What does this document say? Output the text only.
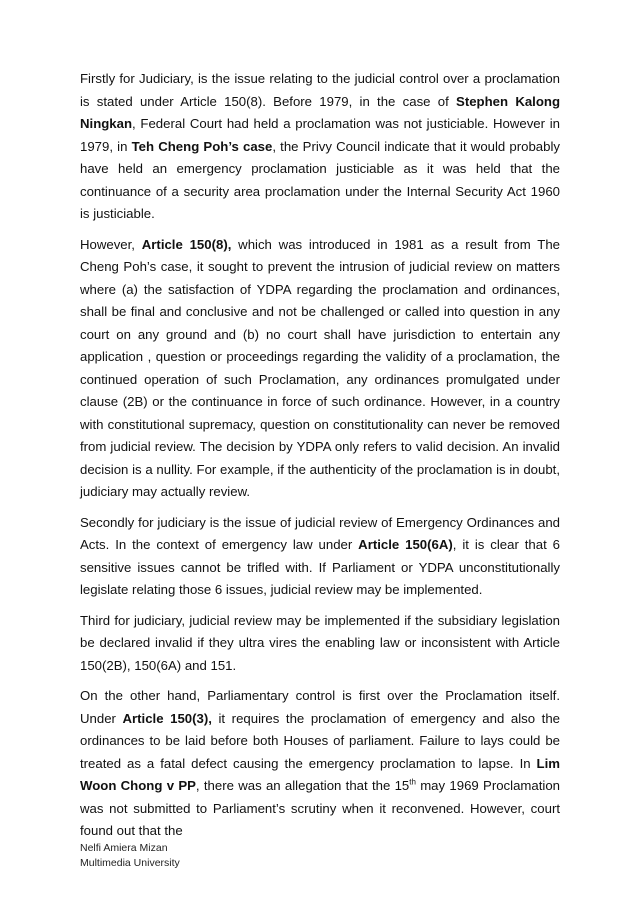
Firstly for Judiciary, is the issue relating to the judicial control over a proclamation is stated under Article 150(8). Before 1979, in the case of Stephen Kalong Ningkan, Federal Court had held a proclamation was not justiciable. However in 1979, in Teh Cheng Poh’s case, the Privy Council indicate that it would probably have held an emergency proclamation justiciable as it was held that the continuance of a security area proclamation under the Internal Security Act 1960 is justiciable.

However, Article 150(8), which was introduced in 1981 as a result from The Cheng Poh’s case, it sought to prevent the intrusion of judicial review on matters where (a) the satisfaction of YDPA regarding the proclamation and ordinances, shall be final and conclusive and not be challenged or called into question in any court on any ground and (b) no court shall have jurisdiction to entertain any application , question or proceedings regarding the validity of a proclamation, the continued operation of such Proclamation, any ordinances promulgated under clause (2B) or the continuance in force of such ordinance. However, in a country with constitutional supremacy, question on constitutionality can never be removed from judicial review. The decision by YDPA only refers to valid decision. An invalid decision is a nullity. For example, if the authenticity of the proclamation is in doubt, judiciary may actually review.

Secondly for judiciary is the issue of judicial review of Emergency Ordinances and Acts. In the context of emergency law under Article 150(6A), it is clear that 6 sensitive issues cannot be trifled with. If Parliament or YDPA unconstitutionally legislate relating those 6 issues, judicial review may be implemented.

Third for judiciary, judicial review may be implemented if the subsidiary legislation be declared invalid if they ultra vires the enabling law or inconsistent with Article 150(2B), 150(6A) and 151.

On the other hand, Parliamentary control is first over the Proclamation itself. Under Article 150(3), it requires the proclamation of emergency and also the ordinances to be laid before both Houses of parliament. Failure to lays could be treated as a fatal defect causing the emergency proclamation to lapse. In Lim Woon Chong v PP, there was an allegation that the 15th may 1969 Proclamation was not submitted to Parliament’s scrutiny when it reconvened. However, court found out that the

Nelfi Amiera Mizan
Multimedia University
